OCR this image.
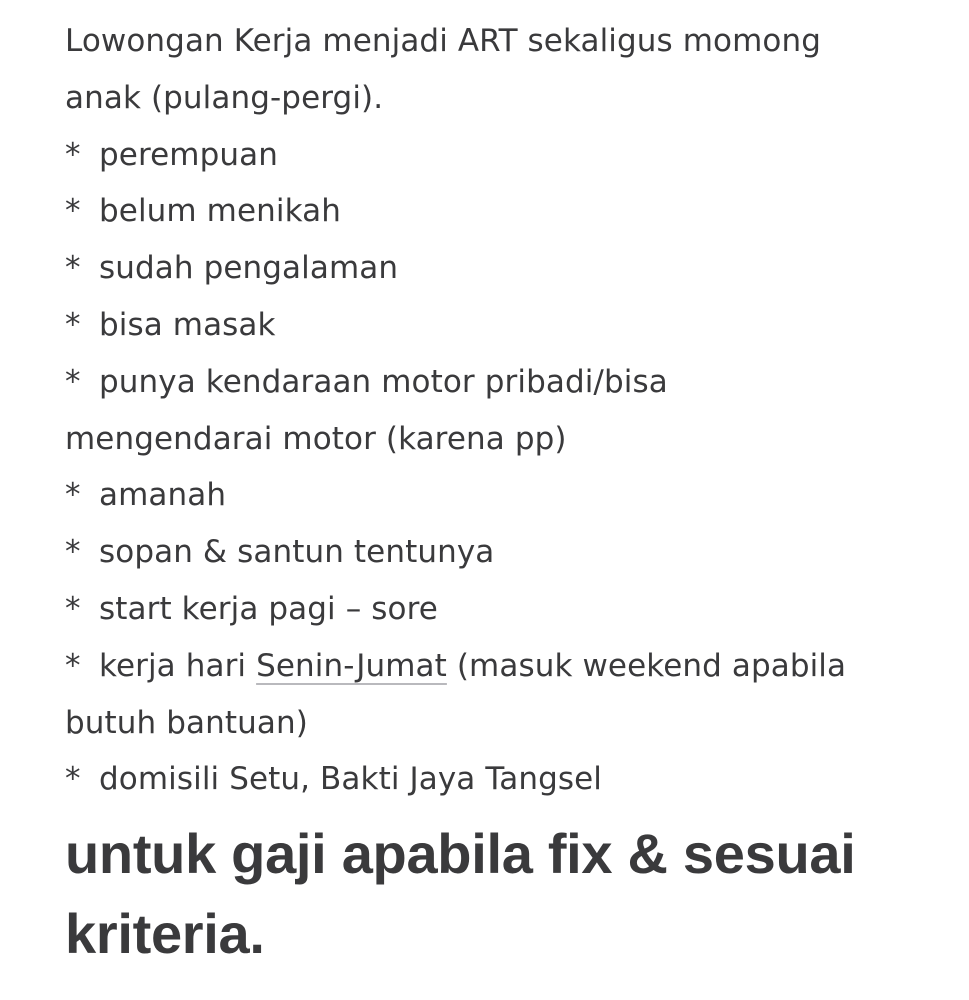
Lowongan Kerja menjadi ART sekaligus momong
anak (pulang-pergi).
* perempuan
* belum menikah
* sudah pengalaman
* bisa masak
* punya kendaraan motor pribadi/bisa
mengendarai motor (karena pp)
* amanah
* sopan & santun tentunya
* start kerja pagi – sore
* kerja hari Senin-Jumat (masuk weekend apabila
butuh bantuan)
* domisili Setu, Bakti Jaya Tangsel
untuk gaji apabila fix & sesuai
kriteria.
